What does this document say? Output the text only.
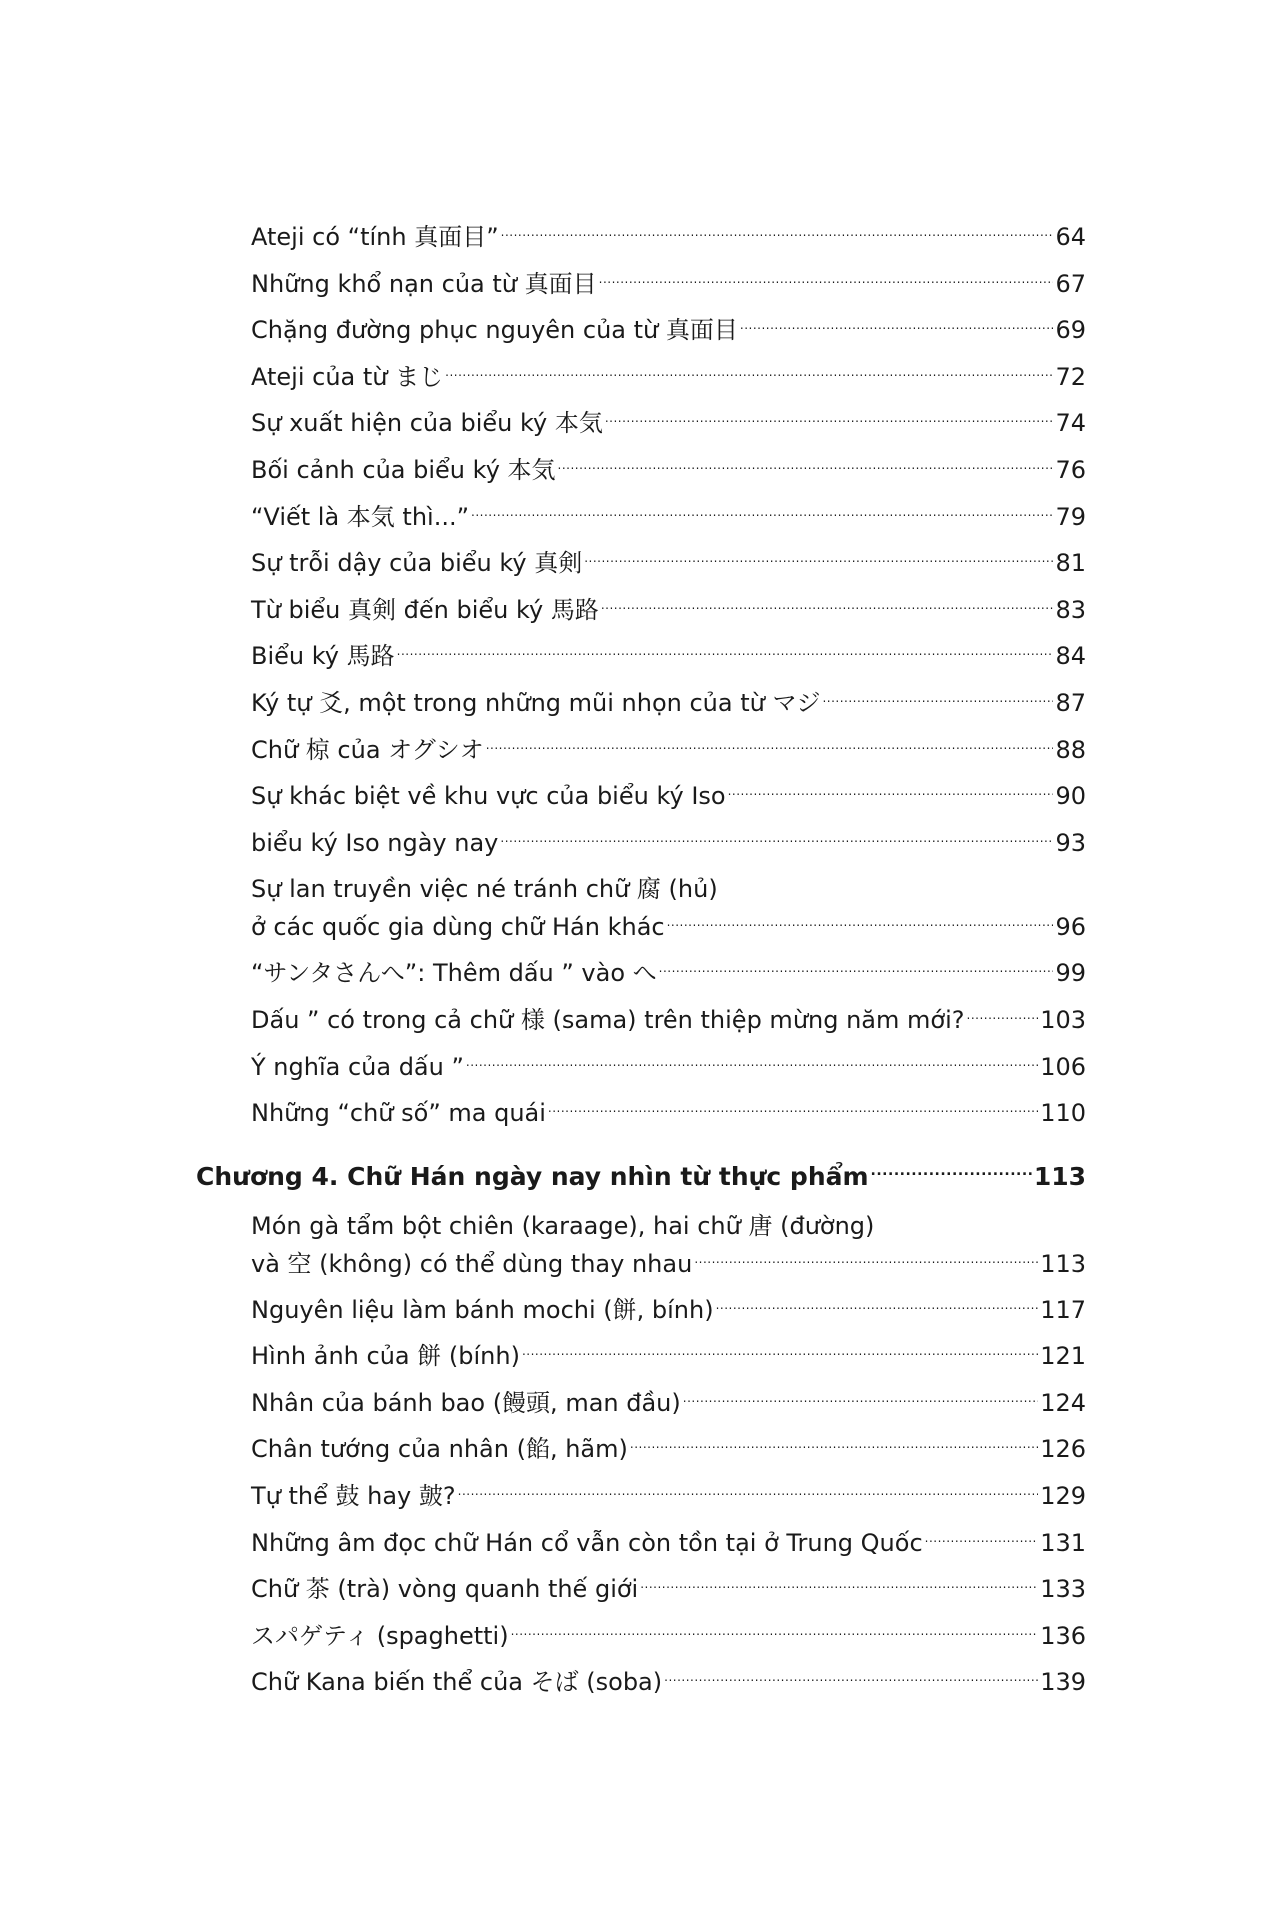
Ateji có “tính 真面目” .....	64
Những khổ nạn của từ 真面目 .....	67
Chặng đường phục nguyên của từ 真面目 .....	69
Ateji của từ まじ .....	72
Sự xuất hiện của biểu ký 本気 .....	74
Bối cảnh của biểu ký 本気 .....	76
“Viết là 本気 thì...” .....	79
Sự trỗi dậy của biểu ký 真剣 .....	81
Từ biểu 真剣 đến biểu ký 馬路 .....	83
Biểu ký 馬路 .....	84
Ký tự 爻, một trong những mũi nhọn của từ マジ .....	87
Chữ 椋 của オグシオ .....	88
Sự khác biệt về khu vực của biểu ký Iso .....	90
biểu ký Iso ngày nay .....	93
Sự lan truyền việc né tránh chữ 腐 (hủ)
ở các quốc gia dùng chữ Hán khác .....	96
“サンタさんへ”: Thêm dấu ” vào へ .....	99
Dấu ” có trong cả chữ 様 (sama) trên thiệp mừng năm mới? .....	103
Ý nghĩa của dấu ” .....	106
Những “chữ số” ma quái .....	110
Chương 4. Chữ Hán ngày nay nhìn từ thực phẩm .....	113
Món gà tẩm bột chiên (karaage), hai chữ 唐 (đường)
và 空 (không) có thể dùng thay nhau .....	113
Nguyên liệu làm bánh mochi (餅, bính) .....	117
Hình ảnh của 餅 (bính) .....	121
Nhân của bánh bao (饅頭, man đầu) .....	124
Chân tướng của nhân (餡, hãm) .....	126
Tự thể 鼓 hay 皷? .....	129
Những âm đọc chữ Hán cổ vẫn còn tồn tại ở Trung Quốc .....	131
Chữ 茶 (trà) vòng quanh thế giới .....	133
スパゲティ (spaghetti) .....	136
Chữ Kana biến thể của そば (soba) .....	139
